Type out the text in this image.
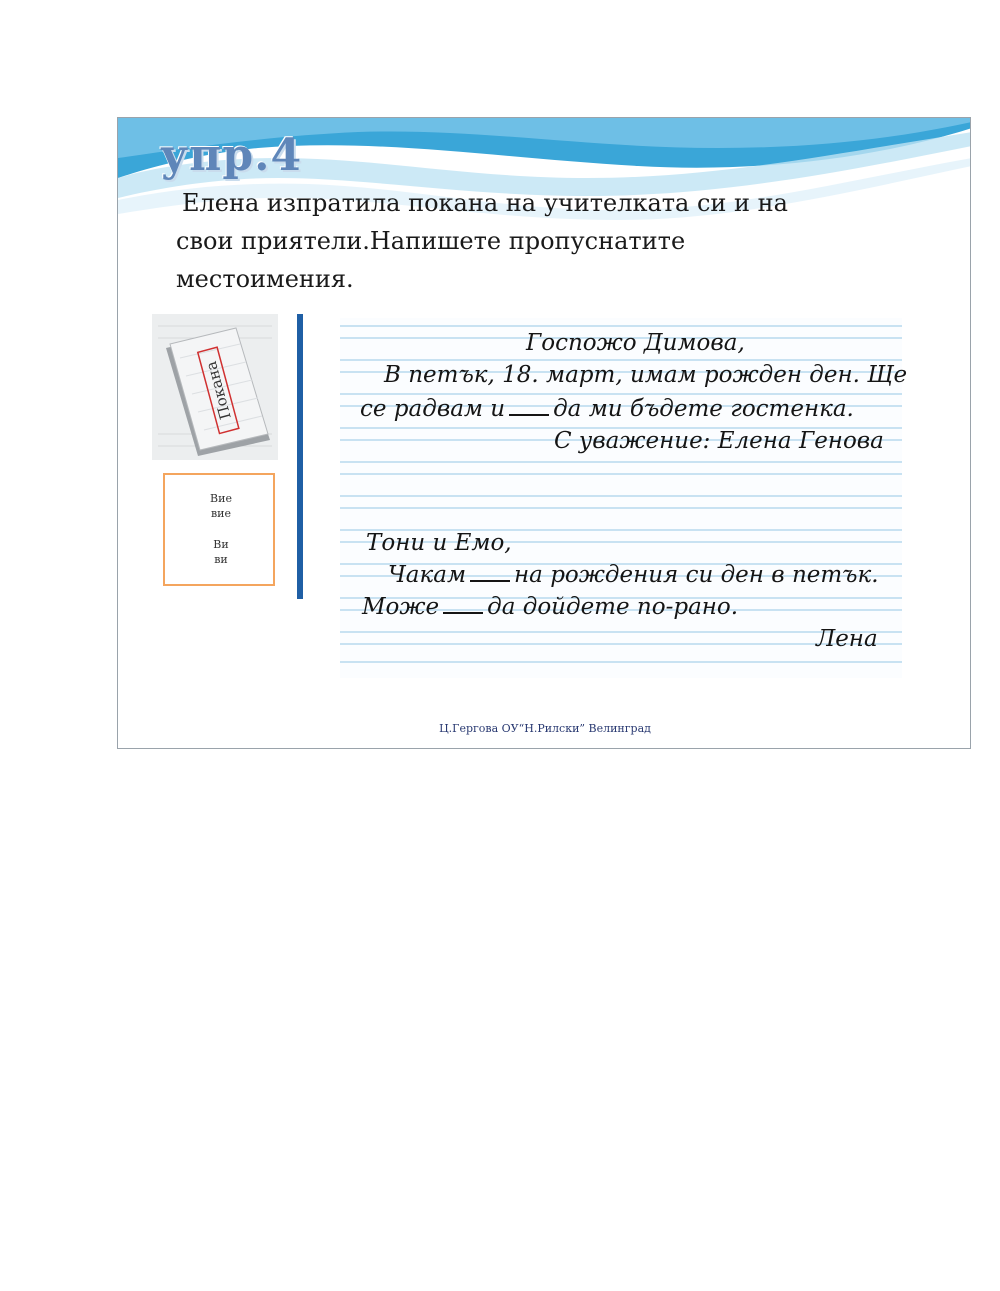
упр.4

Елена изпратила покана на учителката си и на
свои приятели.Напишете пропуснатите
местоимения.

Покана
Вие
вие
Ви
ви

Госпожо Димова,

В петък, 18. март, имам рожден ден. Ще

се радвам и да ми бъдете гостенка.

С уважение: Елена Генова

Тони и Емо,

Чакам на рождения си ден в петък.

Може да дойдете по-рано.

Лена

Ц.Гергова ОУ“Н.Рилски” Велинград
